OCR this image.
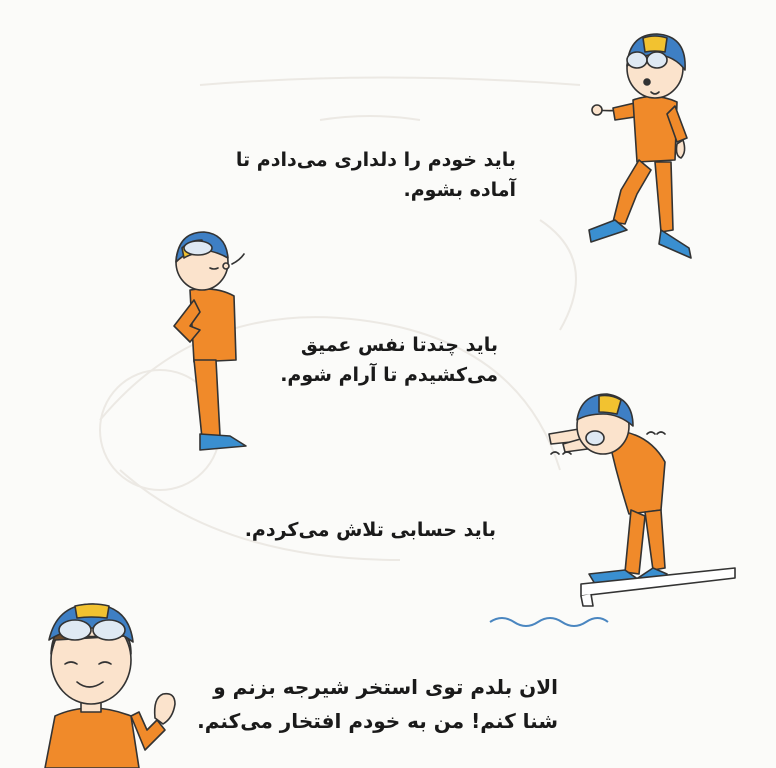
باید خودم را دلداری می‌دادم تا
آماده بشوم.

باید چندتا نفس عمیق
می‌کشیدم تا آرام شوم.

باید حسابی تلاش می‌کردم.

الان بلدم توی استخر شیرجه بزنم و
شنا کنم! من به خودم افتخار می‌کنم.
